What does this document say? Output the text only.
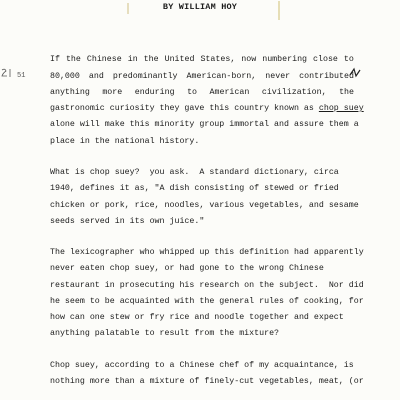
BY WILLIAM HOY
If the Chinese in the United States, now numbering close to
80,000 and predominantly American-born, never contributed
anything more enduring to American civilization, the
gastronomic curiosity they gave this country known as chop suey
alone will make this minority group immortal and assure them a
place in the national history.
What is chop suey?  you ask.  A standard dictionary, circa
1940, defines it as, "A dish consisting of stewed or fried
chicken or pork, rice, noodles, various vegetables, and sesame
seeds served in its own juice."
The lexicographer who whipped up this definition had apparently
never eaten chop suey, or had gone to the wrong Chinese
restaurant in prosecuting his research on the subject.  Nor did
he seem to be acquainted with the general rules of cooking, for
how can one stew or fry rice and noodle together and expect
anything palatable to result from the mixture?
Chop suey, according to a Chinese chef of my acquaintance, is
nothing more than a mixture of finely-cut vegetables, meat, (or
51
